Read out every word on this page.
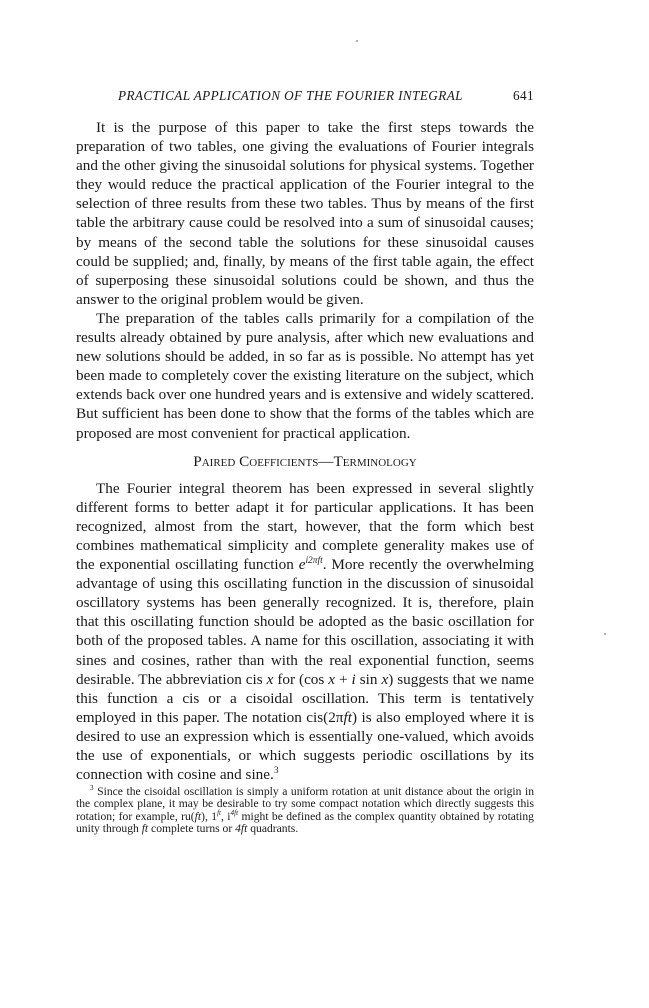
PRACTICAL APPLICATION OF THE FOURIER INTEGRAL	641

It is the purpose of this paper to take the first steps towards the preparation of two tables, one giving the evaluations of Fourier integrals and the other giving the sinusoidal solutions for physical systems. Together they would reduce the practical application of the Fourier integral to the selection of three results from these two tables. Thus by means of the first table the arbitrary cause could be resolved into a sum of sinusoidal causes; by means of the second table the solutions for these sinusoidal causes could be supplied; and, finally, by means of the first table again, the effect of superposing these sinusoidal solutions could be shown, and thus the answer to the original problem would be given.

The preparation of the tables calls primarily for a compilation of the results already obtained by pure analysis, after which new evaluations and new solutions should be added, in so far as is possible. No attempt has yet been made to completely cover the existing literature on the subject, which extends back over one hundred years and is extensive and widely scattered. But sufficient has been done to show that the forms of the tables which are proposed are most convenient for practical application.

Paired Coefficients—Terminology

The Fourier integral theorem has been expressed in several slightly different forms to better adapt it for particular applications. It has been recognized, almost from the start, however, that the form which best combines mathematical simplicity and complete generality makes use of the exponential oscillating function $e^{i2\pi ft}$. More recently the overwhelming advantage of using this oscillating function in the discussion of sinusoidal oscillatory systems has been generally recognized. It is, therefore, plain that this oscillating function should be adopted as the basic oscillation for both of the proposed tables. A name for this oscillation, associating it with sines and cosines, rather than with the real exponential function, seems desirable. The abbreviation cis x for (cos x + i sin x) suggests that we name this function a cis or a cisoidal oscillation. This term is tentatively employed in this paper. The notation cis(2πft) is also employed where it is desired to use an expression which is essentially one-valued, which avoids the use of exponentials, or which suggests periodic oscillations by its connection with cosine and sine.$^3$

$^3$ Since the cisoidal oscillation is simply a uniform rotation at unit distance about the origin in the complex plane, it may be desirable to try some compact notation which directly suggests this rotation; for example, ru(ft), $1^{ft}$, $i^{4ft}$ might be defined as the complex quantity obtained by rotating unity through ft complete turns or 4ft quadrants.
